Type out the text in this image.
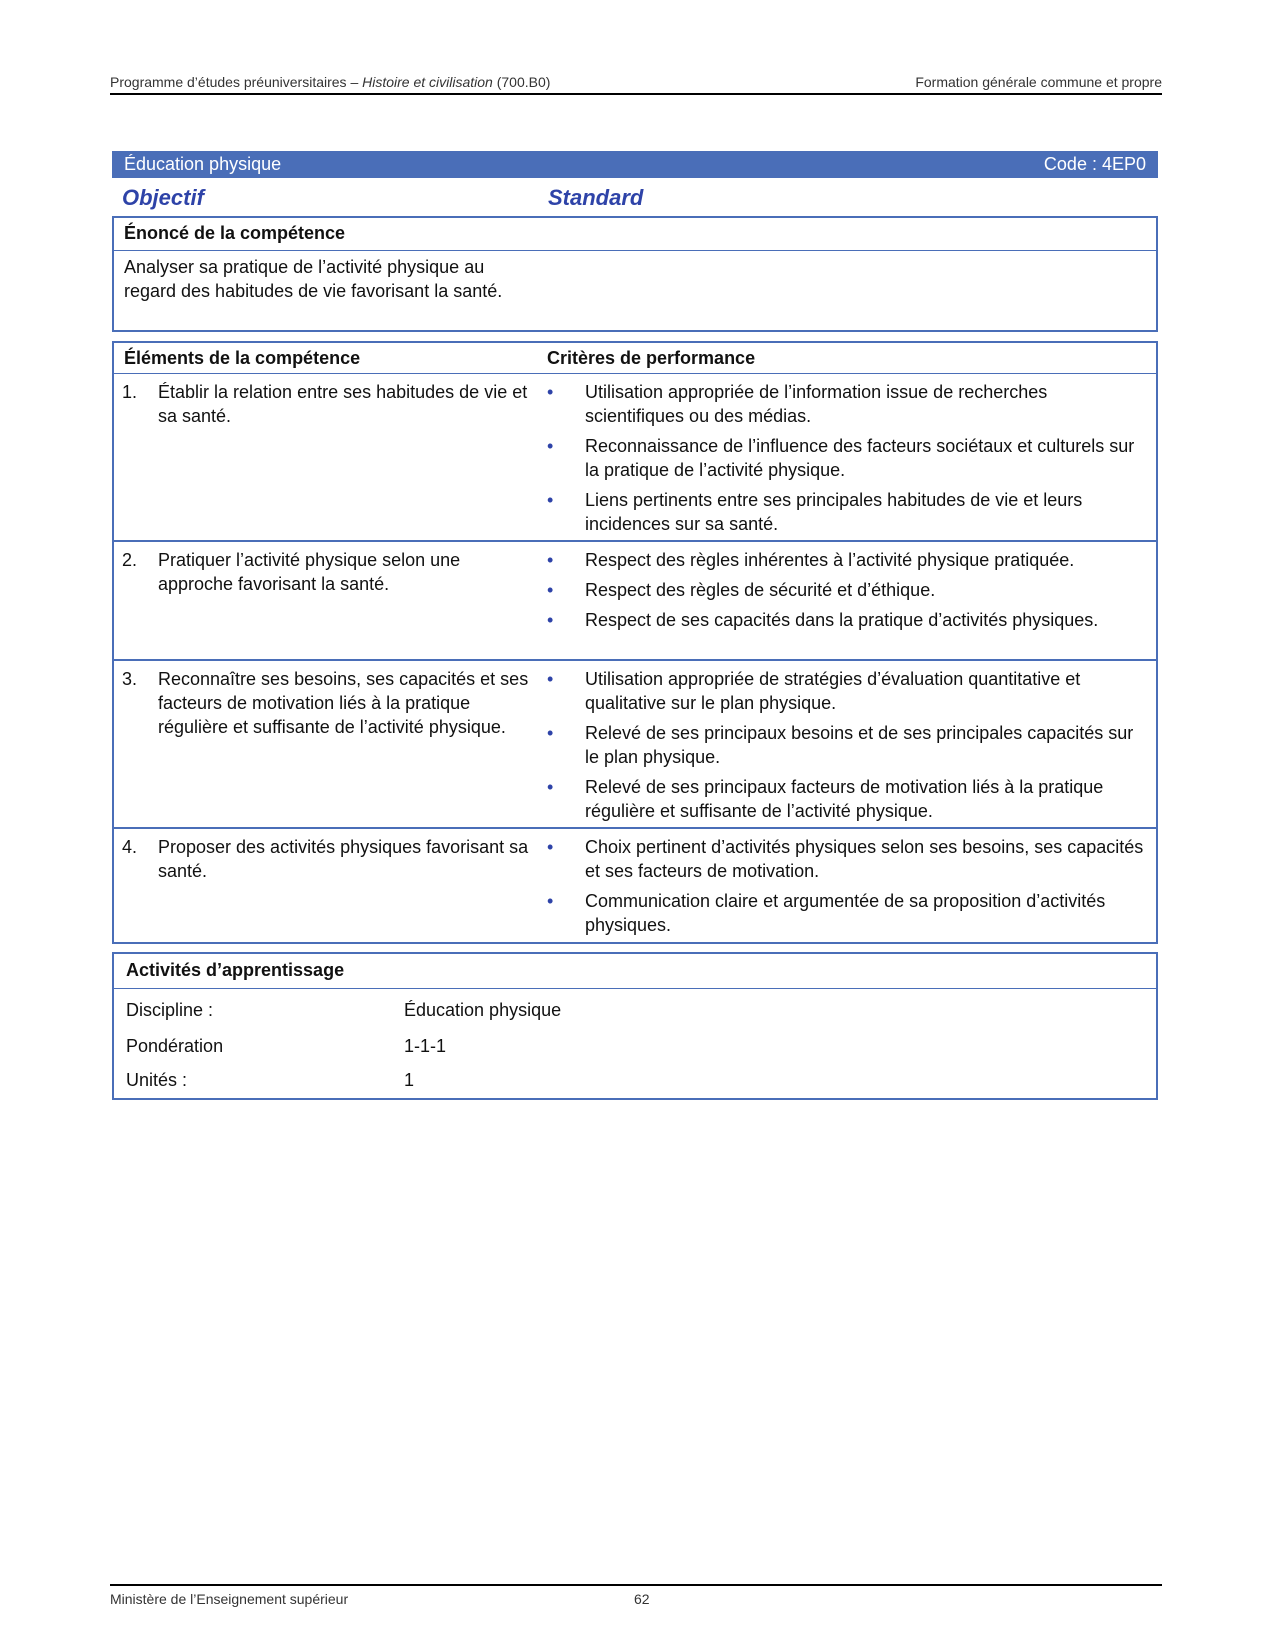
Programme d’études préuniversitaires – Histoire et civilisation (700.B0)	Formation générale commune et propre
Éducation physique	Code : 4EP0
Objectif	Standard
Énoncé de la compétence
Analyser sa pratique de l’activité physique au regard des habitudes de vie favorisant la santé.
Éléments de la compétence	Critères de performance
1. Établir la relation entre ses habitudes de vie et sa santé.
• Utilisation appropriée de l’information issue de recherches scientifiques ou des médias.
• Reconnaissance de l’influence des facteurs sociétaux et culturels sur la pratique de l’activité physique.
• Liens pertinents entre ses principales habitudes de vie et leurs incidences sur sa santé.
2. Pratiquer l’activité physique selon une approche favorisant la santé.
• Respect des règles inhérentes à l’activité physique pratiquée.
• Respect des règles de sécurité et d’éthique.
• Respect de ses capacités dans la pratique d’activités physiques.
3. Reconnaître ses besoins, ses capacités et ses facteurs de motivation liés à la pratique régulière et suffisante de l’activité physique.
• Utilisation appropriée de stratégies d’évaluation quantitative et qualitative sur le plan physique.
• Relevé de ses principaux besoins et de ses principales capacités sur le plan physique.
• Relevé de ses principaux facteurs de motivation liés à la pratique régulière et suffisante de l’activité physique.
4. Proposer des activités physiques favorisant sa santé.
• Choix pertinent d’activités physiques selon ses besoins, ses capacités et ses facteurs de motivation.
• Communication claire et argumentée de sa proposition d’activités physiques.
Activités d’apprentissage
Discipline :	Éducation physique
Pondération	1-1-1
Unités :	1
Ministère de l’Enseignement supérieur	62
